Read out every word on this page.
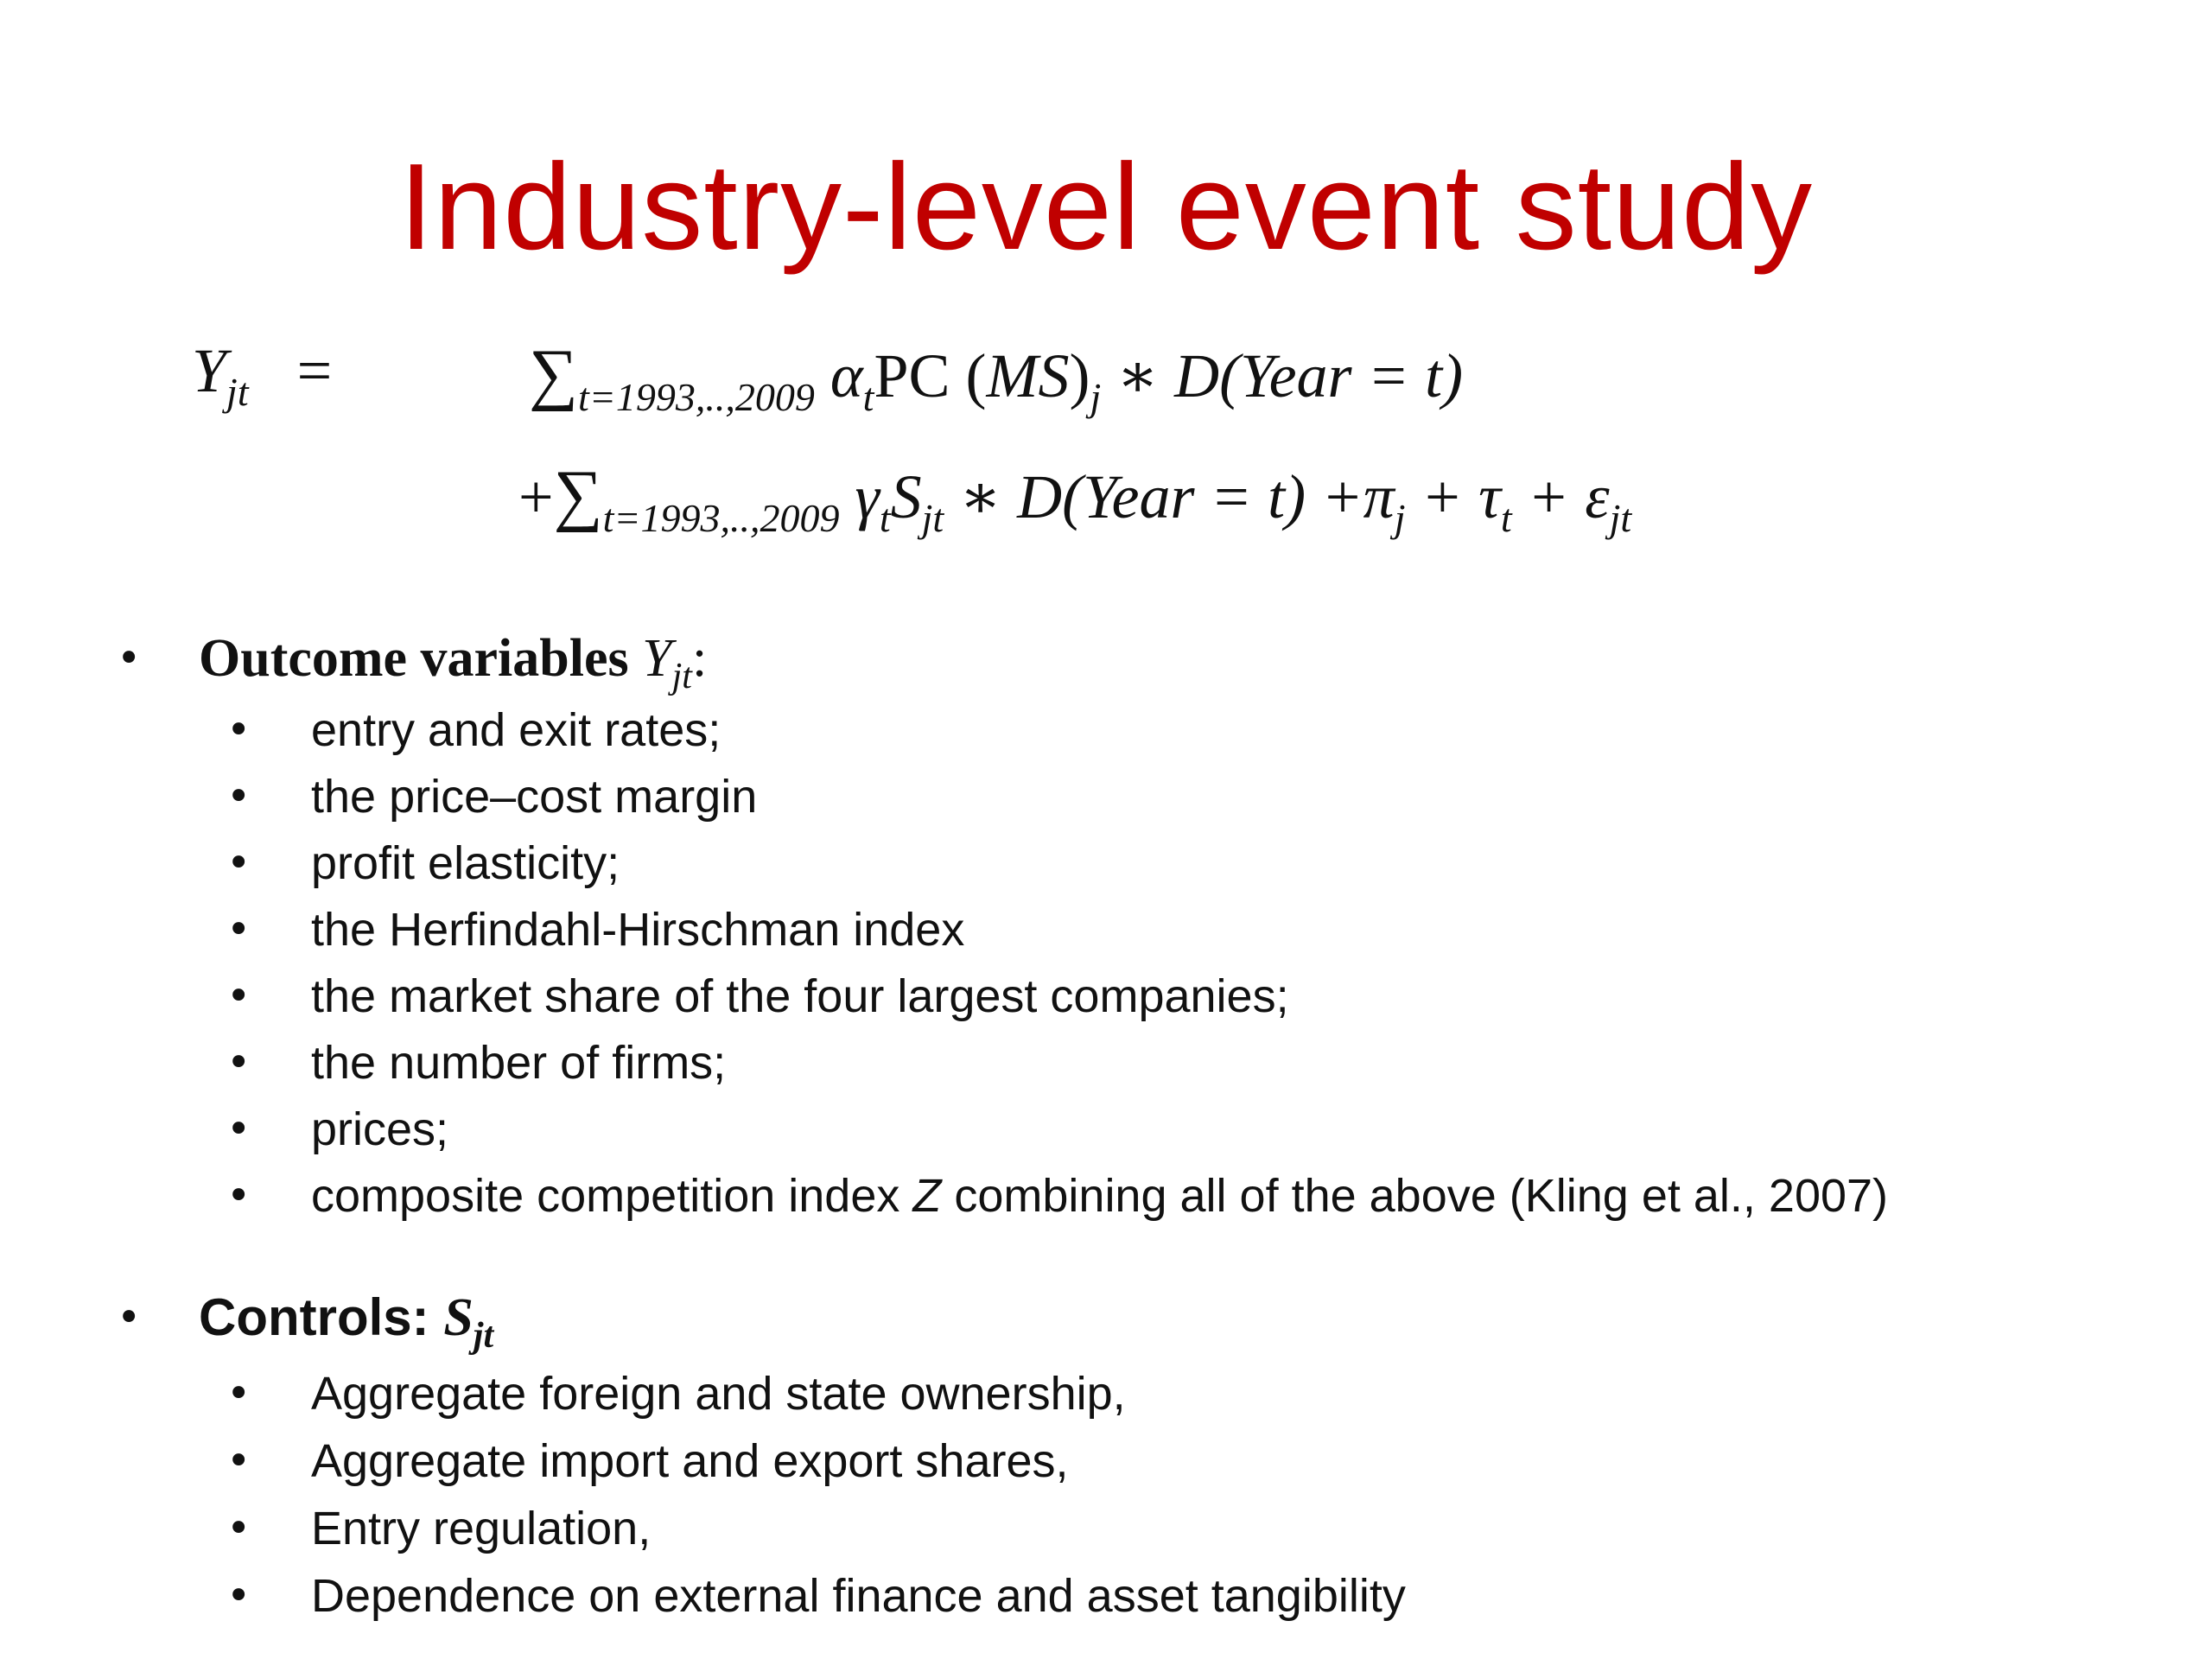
Industry-level event study
$Y_{jt}$ =	$\sum_{t=1993,..,2009}$ $\alpha_tPC$ $(MS)_j$ ∗ D(Year = t)
$+\sum_{t=1993,..,2009}$ $\gamma_tS_{jt}$ ∗ D(Year = $t) +\pi_j + \tau_t + \varepsilon_{jt}$
• Outcome variables $Y_{jt}$:
• entry and exit rates;
• the price–cost margin
• profit elasticity;
• the Herfindahl-Hirschman index
• the market share of the four largest companies;
• the number of firms;
• prices;
• composite competition index Z combining all of the above (Kling et al., 2007)
• Controls: $S_{jt}$
• Aggregate foreign and state ownership,
• Aggregate import and export shares,
• Entry regulation,
• Dependence on external finance and asset tangibility
